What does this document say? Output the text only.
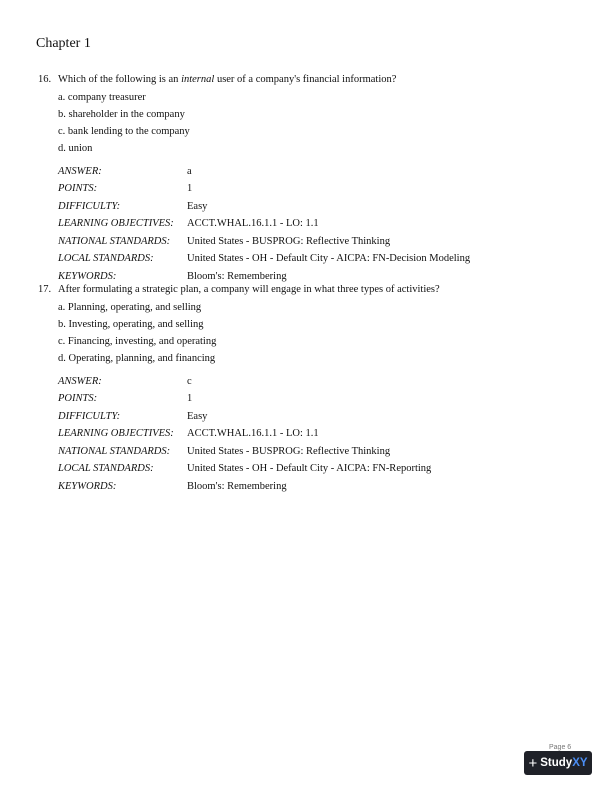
Chapter 1
16. Which of the following is an internal user of a company's financial information?
a. company treasurer
b. shareholder in the company
c. bank lending to the company
d. union
ANSWER:	a
POINTS:	1
DIFFICULTY:	Easy
LEARNING OBJECTIVES:	ACCT.WHAL.16.1.1 - LO: 1.1
NATIONAL STANDARDS:	United States - BUSPROG: Reflective Thinking
LOCAL STANDARDS:	United States - OH - Default City - AICPA: FN-Decision Modeling
KEYWORDS:	Bloom's: Remembering
17. After formulating a strategic plan, a company will engage in what three types of activities?
a. Planning, operating, and selling
b. Investing, operating, and selling
c. Financing, investing, and operating
d. Operating, planning, and financing
ANSWER:	c
POINTS:	1
DIFFICULTY:	Easy
LEARNING OBJECTIVES:	ACCT.WHAL.16.1.1 - LO: 1.1
NATIONAL STANDARDS:	United States - BUSPROG: Reflective Thinking
LOCAL STANDARDS:	United States - OH - Default City - AICPA: FN-Reporting
KEYWORDS:	Bloom's: Remembering
Page 6
+ StudyXY
